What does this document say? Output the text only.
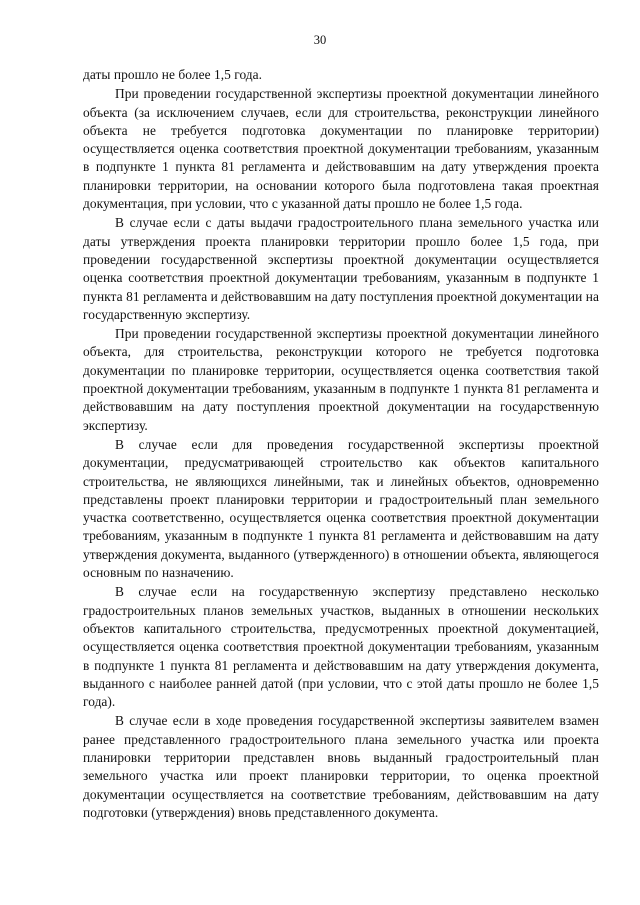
30

даты прошло не более 1,5 года.

При проведении государственной экспертизы проектной документации линейного объекта (за исключением случаев, если для строительства, реконструкции линейного объекта не требуется подготовка документации по планировке территории) осуществляется оценка соответствия проектной документации требованиям, указанным в подпункте 1 пункта 81 регламента и действовавшим на дату утверждения проекта планировки территории, на основании которого была подготовлена такая проектная документация, при условии, что с указанной даты прошло не более 1,5 года.

В случае если с даты выдачи градостроительного плана земельного участка или даты утверждения проекта планировки территории прошло более 1,5 года, при проведении государственной экспертизы проектной документации осуществляется оценка соответствия проектной документации требованиям, указанным в подпункте 1 пункта 81 регламента и действовавшим на дату поступления проектной документации на государственную экспертизу.

При проведении государственной экспертизы проектной документации линейного объекта, для строительства, реконструкции которого не требуется подготовка документации по планировке территории, осуществляется оценка соответствия такой проектной документации требованиям, указанным в подпункте 1 пункта 81 регламента и действовавшим на дату поступления проектной документации на государственную экспертизу.

В случае если для проведения государственной экспертизы проектной документации, предусматривающей строительство как объектов капитального строительства, не являющихся линейными, так и линейных объектов, одновременно представлены проект планировки территории и градостроительный план земельного участка соответственно, осуществляется оценка соответствия проектной документации требованиям, указанным в подпункте 1 пункта 81 регламента и действовавшим на дату утверждения документа, выданного (утвержденного) в отношении объекта, являющегося основным по назначению.

В случае если на государственную экспертизу представлено несколько градостроительных планов земельных участков, выданных в отношении нескольких объектов капитального строительства, предусмотренных проектной документацией, осуществляется оценка соответствия проектной документации требованиям, указанным в подпункте 1 пункта 81 регламента и действовавшим на дату утверждения документа, выданного с наиболее ранней датой (при условии, что с этой даты прошло не более 1,5 года).

В случае если в ходе проведения государственной экспертизы заявителем взамен ранее представленного градостроительного плана земельного участка или проекта планировки территории представлен вновь выданный градостроительный план земельного участка или проект планировки территории, то оценка проектной документации осуществляется на соответствие требованиям, действовавшим на дату подготовки (утверждения) вновь представленного документа.
